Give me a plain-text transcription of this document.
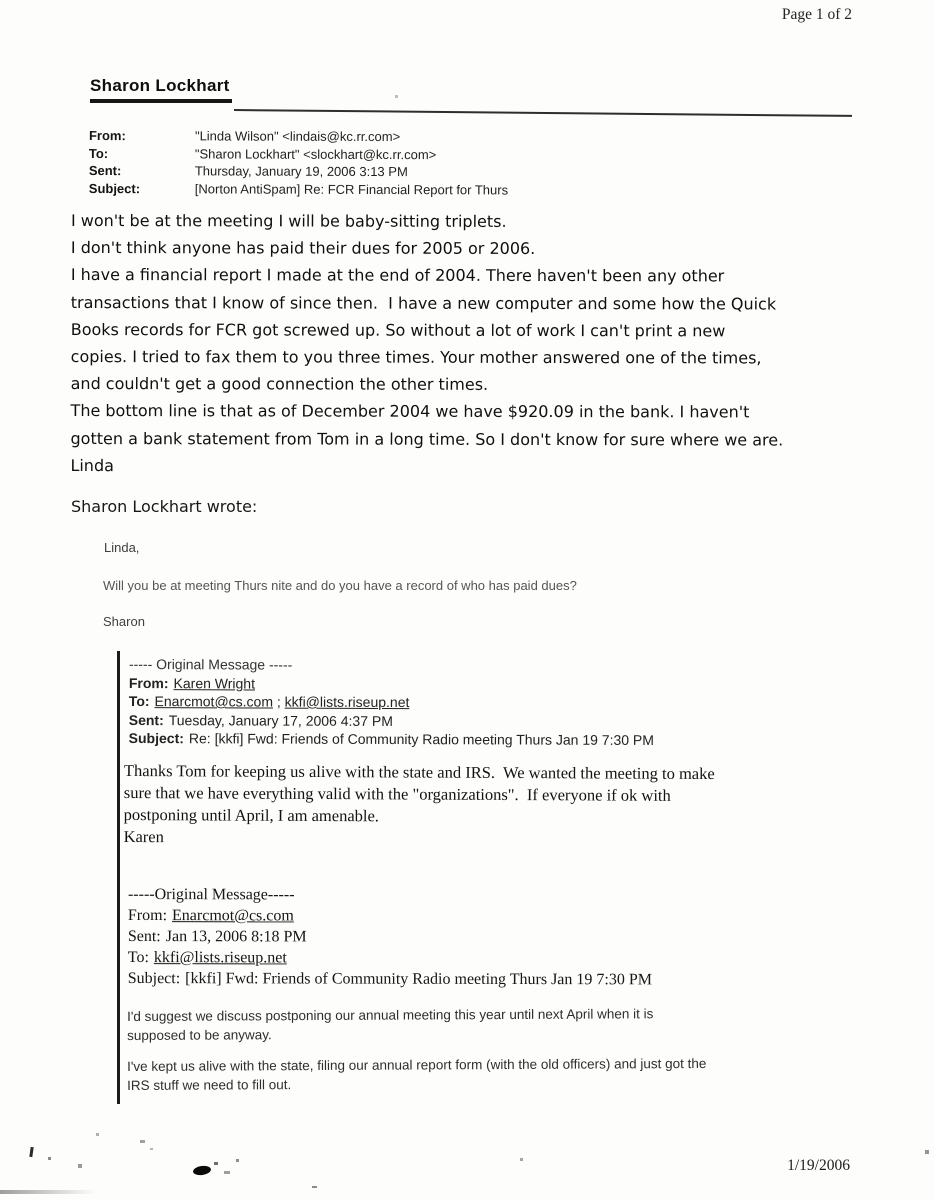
Page 1 of 2
Sharon Lockhart
From:	"Linda Wilson" <lindais@kc.rr.com>
To:	"Sharon Lockhart" <slockhart@kc.rr.com>
Sent:	Thursday, January 19, 2006 3:13 PM
Subject:	[Norton AntiSpam] Re: FCR Financial Report for Thurs
I won't be at the meeting I will be baby-sitting triplets.
I don't think anyone has paid their dues for 2005 or 2006.
I have a financial report I made at the end of 2004. There haven't been any other
transactions that I know of since then.  I have a new computer and some how the Quick
Books records for FCR got screwed up. So without a lot of work I can't print a new
copies. I tried to fax them to you three times. Your mother answered one of the times,
and couldn't get a good connection the other times.
The bottom line is that as of December 2004 we have $920.09 in the bank. I haven't
gotten a bank statement from Tom in a long time. So I don't know for sure where we are.
Linda
Sharon Lockhart wrote:
Linda,
Will you be at meeting Thurs nite and do you have a record of who has paid dues?
Sharon
----- Original Message -----
From: Karen Wright
To: Enarcmot@cs.com ; kkfi@lists.riseup.net
Sent: Tuesday, January 17, 2006 4:37 PM
Subject: Re: [kkfi] Fwd: Friends of Community Radio meeting Thurs Jan 19 7:30 PM
Thanks Tom for keeping us alive with the state and IRS.  We wanted the meeting to make
sure that we have everything valid with the "organizations".  If everyone if ok with
postponing until April, I am amenable.
Karen
-----Original Message-----
From: Enarcmot@cs.com
Sent: Jan 13, 2006 8:18 PM
To: kkfi@lists.riseup.net
Subject: [kkfi] Fwd: Friends of Community Radio meeting Thurs Jan 19 7:30 PM
I'd suggest we discuss postponing our annual meeting this year until next April when it is
supposed to be anyway.
I've kept us alive with the state, filing our annual report form (with the old officers) and just got the
IRS stuff we need to fill out.
1/19/2006
